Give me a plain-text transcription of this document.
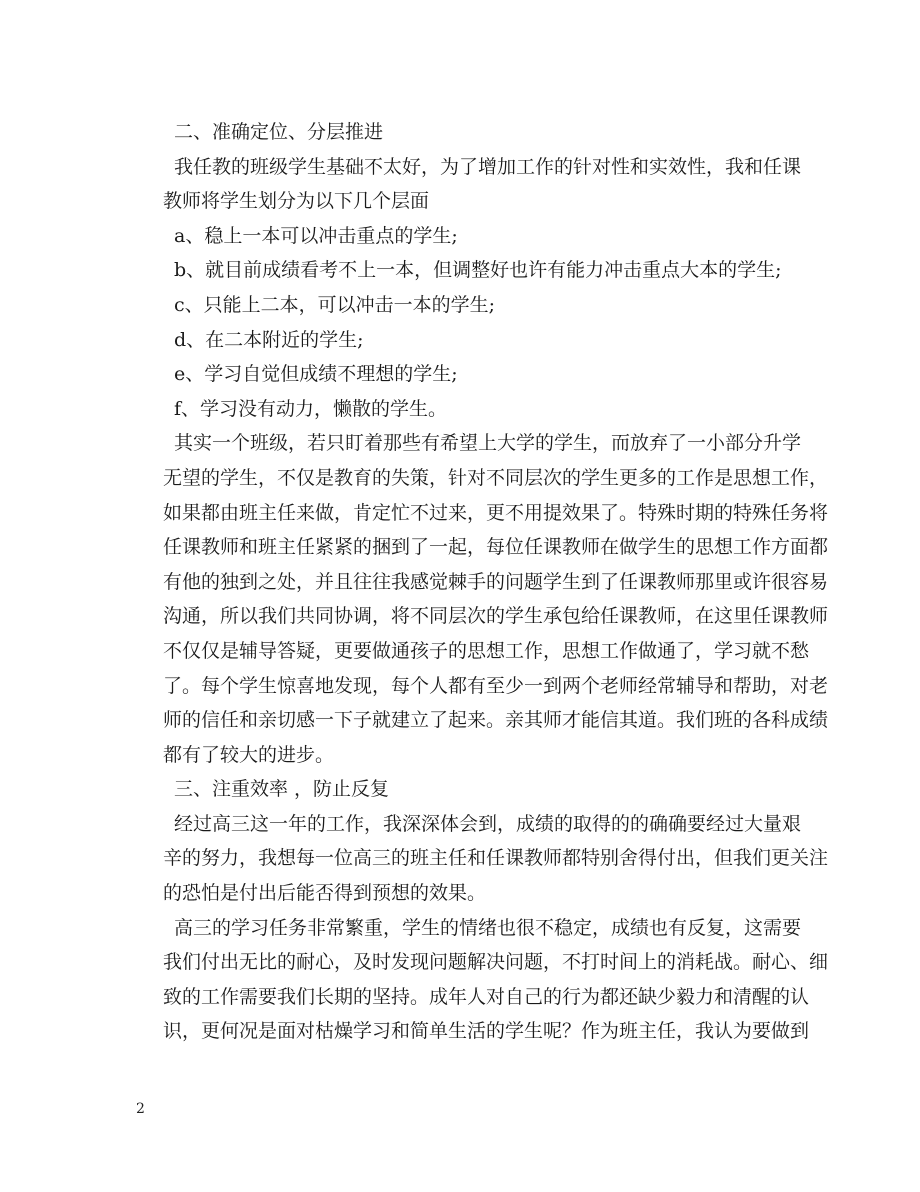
二、准确定位、分层推进
我任教的班级学生基础不太好，为了增加工作的针对性和实效性，我和任课
教师将学生划分为以下几个层面
a、稳上一本可以冲击重点的学生;
b、就目前成绩看考不上一本，但调整好也许有能力冲击重点大本的学生;
c、只能上二本，可以冲击一本的学生;
d、在二本附近的学生;
e、学习自觉但成绩不理想的学生;
f、学习没有动力，懒散的学生。
其实一个班级，若只盯着那些有希望上大学的学生，而放弃了一小部分升学
无望的学生，不仅是教育的失策，针对不同层次的学生更多的工作是思想工作，
如果都由班主任来做，肯定忙不过来，更不用提效果了。特殊时期的特殊任务将
任课教师和班主任紧紧的捆到了一起，每位任课教师在做学生的思想工作方面都
有他的独到之处，并且往往我感觉棘手的问题学生到了任课教师那里或许很容易
沟通，所以我们共同协调，将不同层次的学生承包给任课教师，在这里任课教师
不仅仅是辅导答疑，更要做通孩子的思想工作，思想工作做通了，学习就不愁
了。每个学生惊喜地发现，每个人都有至少一到两个老师经常辅导和帮助，对老
师的信任和亲切感一下子就建立了起来。亲其师才能信其道。我们班的各科成绩
都有了较大的进步。
三、注重效率 ，防止反复
经过高三这一年的工作，我深深体会到，成绩的取得的的确确要经过大量艰
辛的努力，我想每一位高三的班主任和任课教师都特别舍得付出，但我们更关注
的恐怕是付出后能否得到预想的效果。
高三的学习任务非常繁重，学生的情绪也很不稳定，成绩也有反复，这需要
我们付出无比的耐心，及时发现问题解决问题，不打时间上的消耗战。耐心、细
致的工作需要我们长期的坚持。成年人对自己的行为都还缺少毅力和清醒的认
识，更何况是面对枯燥学习和简单生活的学生呢？作为班主任，我认为要做到
2
